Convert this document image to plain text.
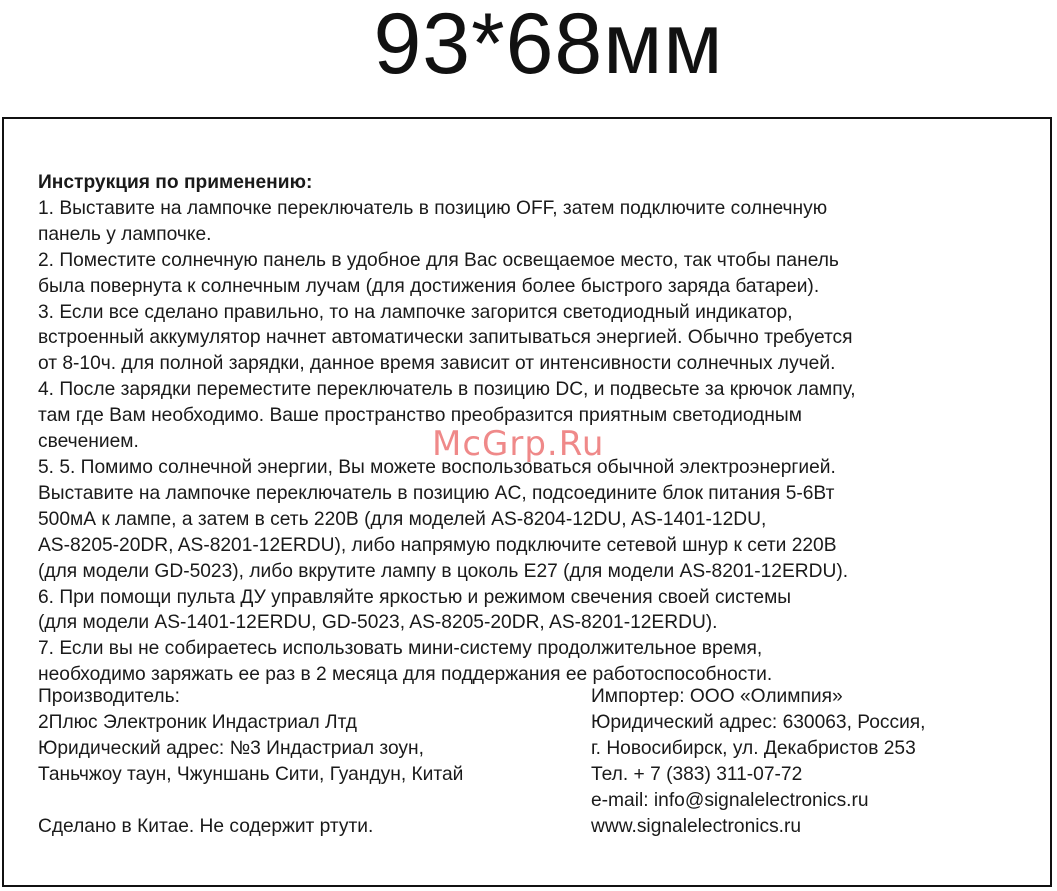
93*68мм
Инструкция по применению:
1. Выставите на лампочке переключатель в позицию OFF, затем подключите солнечную
панель у лампочке.
2. Поместите солнечную панель в удобное для Вас освещаемое место, так чтобы панель
была повернута к солнечным лучам (для достижения более быстрого заряда батареи).
3. Если все сделано правильно, то на лампочке загорится светодиодный индикатор,
встроенный аккумулятор начнет автоматически запитываться энергией. Обычно требуется
от 8-10ч. для полной зарядки, данное время зависит от интенсивности солнечных лучей.
4. После зарядки переместите переключатель в позицию DC, и подвесьте за крючок лампу,
там где Вам необходимо. Ваше пространство преобразится приятным светодиодным
свечением.
5. 5. Помимо солнечной энергии, Вы можете воспользоваться обычной электроэнергией.
Выставите на лампочке переключатель в позицию AC, подсоедините блок питания 5-6Вт
500мА к лампе, а затем в сеть 220В (для моделей AS-8204-12DU, AS-1401-12DU,
AS-8205-20DR, AS-8201-12ERDU), либо напрямую подключите сетевой шнур к сети 220В
(для модели GD-5023), либо вкрутите лампу в цоколь Е27 (для модели AS-8201-12ERDU).
6. При помощи пульта ДУ управляйте яркостью и режимом свечения своей системы
(для модели AS-1401-12ERDU, GD-5023, AS-8205-20DR, AS-8201-12ERDU).
7. Если вы не собираетесь использовать мини-систему продолжительное время,
необходимо заряжать ее раз в 2 месяца для поддержания ее работоспособности.
Производитель:
2Плюс Электроник Индастриал Лтд
Юридический адрес: №3 Индастриал зоун,
Таньчжоу таун, Чжуншань Сити, Гуандун, Китай
Сделано в Китае. Не содержит ртути.
Импортер: ООО «Олимпия»
Юридический адрес: 630063, Россия,
г. Новосибирск, ул. Декабристов 253
Тел. + 7 (383) 311-07-72
e-mail: info@signalelectronics.ru
www.signalelectronics.ru
McGrp.Ru
